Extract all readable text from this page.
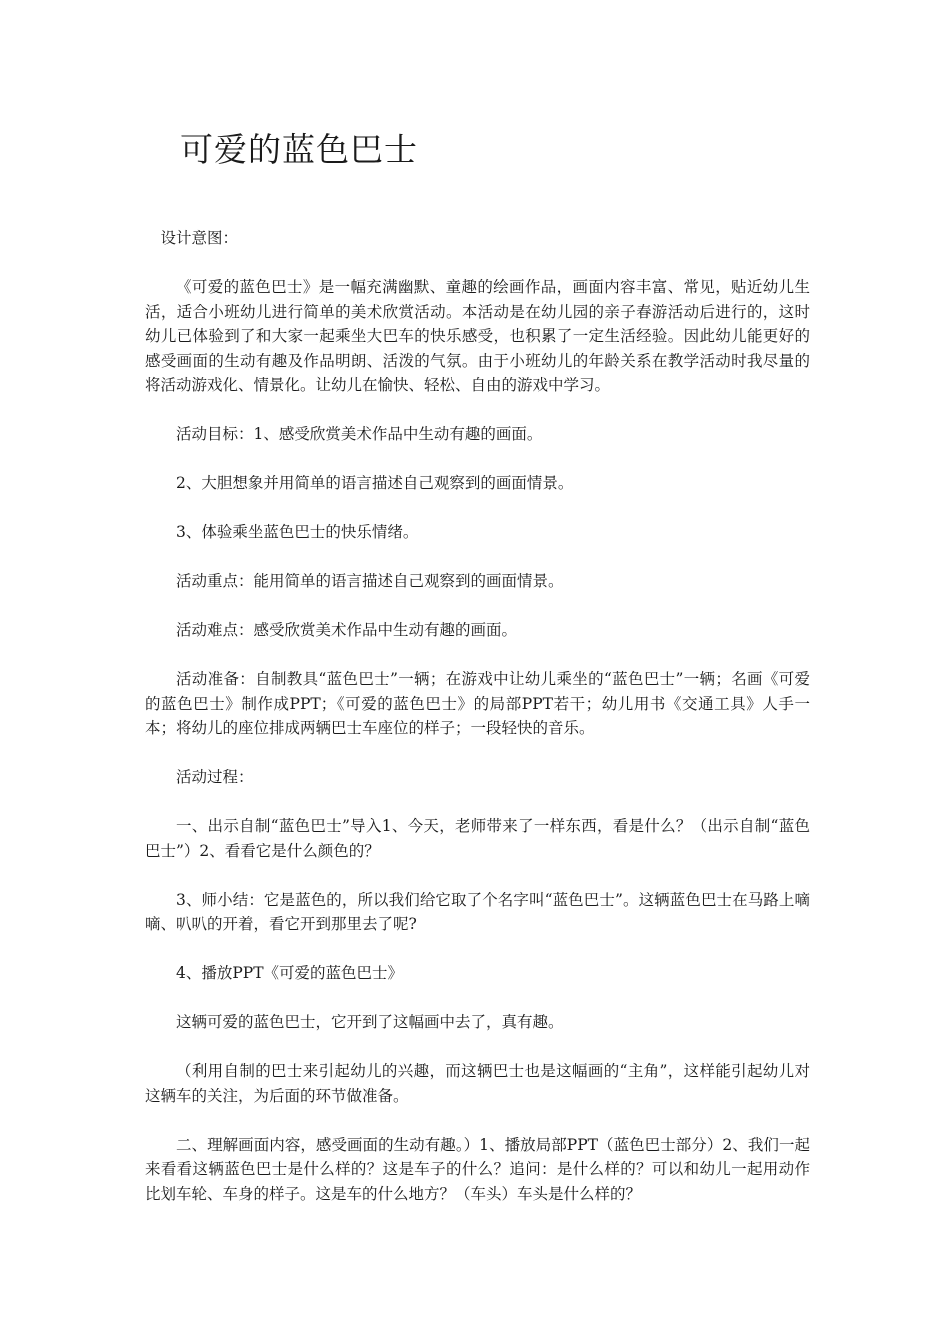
可爱的蓝色巴士

设计意图：

《可爱的蓝色巴士》是一幅充满幽默、童趣的绘画作品，画面内容丰富、常见，贴近幼儿生活，适合小班幼儿进行简单的美术欣赏活动。本活动是在幼儿园的亲子春游活动后进行的，这时幼儿已体验到了和大家一起乘坐大巴车的快乐感受，也积累了一定生活经验。因此幼儿能更好的感受画面的生动有趣及作品明朗、活泼的气氛。由于小班幼儿的年龄关系在教学活动时我尽量的将活动游戏化、情景化。让幼儿在愉快、轻松、自由的游戏中学习。

活动目标：1、感受欣赏美术作品中生动有趣的画面。

2、大胆想象并用简单的语言描述自己观察到的画面情景。

3、体验乘坐蓝色巴士的快乐情绪。

活动重点：能用简单的语言描述自己观察到的画面情景。

活动难点：感受欣赏美术作品中生动有趣的画面。

活动准备：自制教具“蓝色巴士”一辆；在游戏中让幼儿乘坐的“蓝色巴士”一辆；名画《可爱的蓝色巴士》制作成PPT；《可爱的蓝色巴士》的局部PPT若干；幼儿用书《交通工具》人手一本；将幼儿的座位排成两辆巴士车座位的样子；一段轻快的音乐。

活动过程：

一、出示自制“蓝色巴士”导入1、今天，老师带来了一样东西，看是什么？（出示自制“蓝色巴士”）2、看看它是什么颜色的？

3、师小结：它是蓝色的，所以我们给它取了个名字叫“蓝色巴士”。这辆蓝色巴士在马路上嘀嘀、叭叭的开着，看它开到那里去了呢?

4、播放PPT《可爱的蓝色巴士》

这辆可爱的蓝色巴士，它开到了这幅画中去了，真有趣。

（利用自制的巴士来引起幼儿的兴趣，而这辆巴士也是这幅画的“主角”，这样能引起幼儿对这辆车的关注，为后面的环节做准备。

二、理解画面内容，感受画面的生动有趣。）1、播放局部PPT（蓝色巴士部分）2、我们一起来看看这辆蓝色巴士是什么样的？这是车子的什么？追问：是什么样的？可以和幼儿一起用动作比划车轮、车身的样子。这是车的什么地方？（车头）车头是什么样的？
